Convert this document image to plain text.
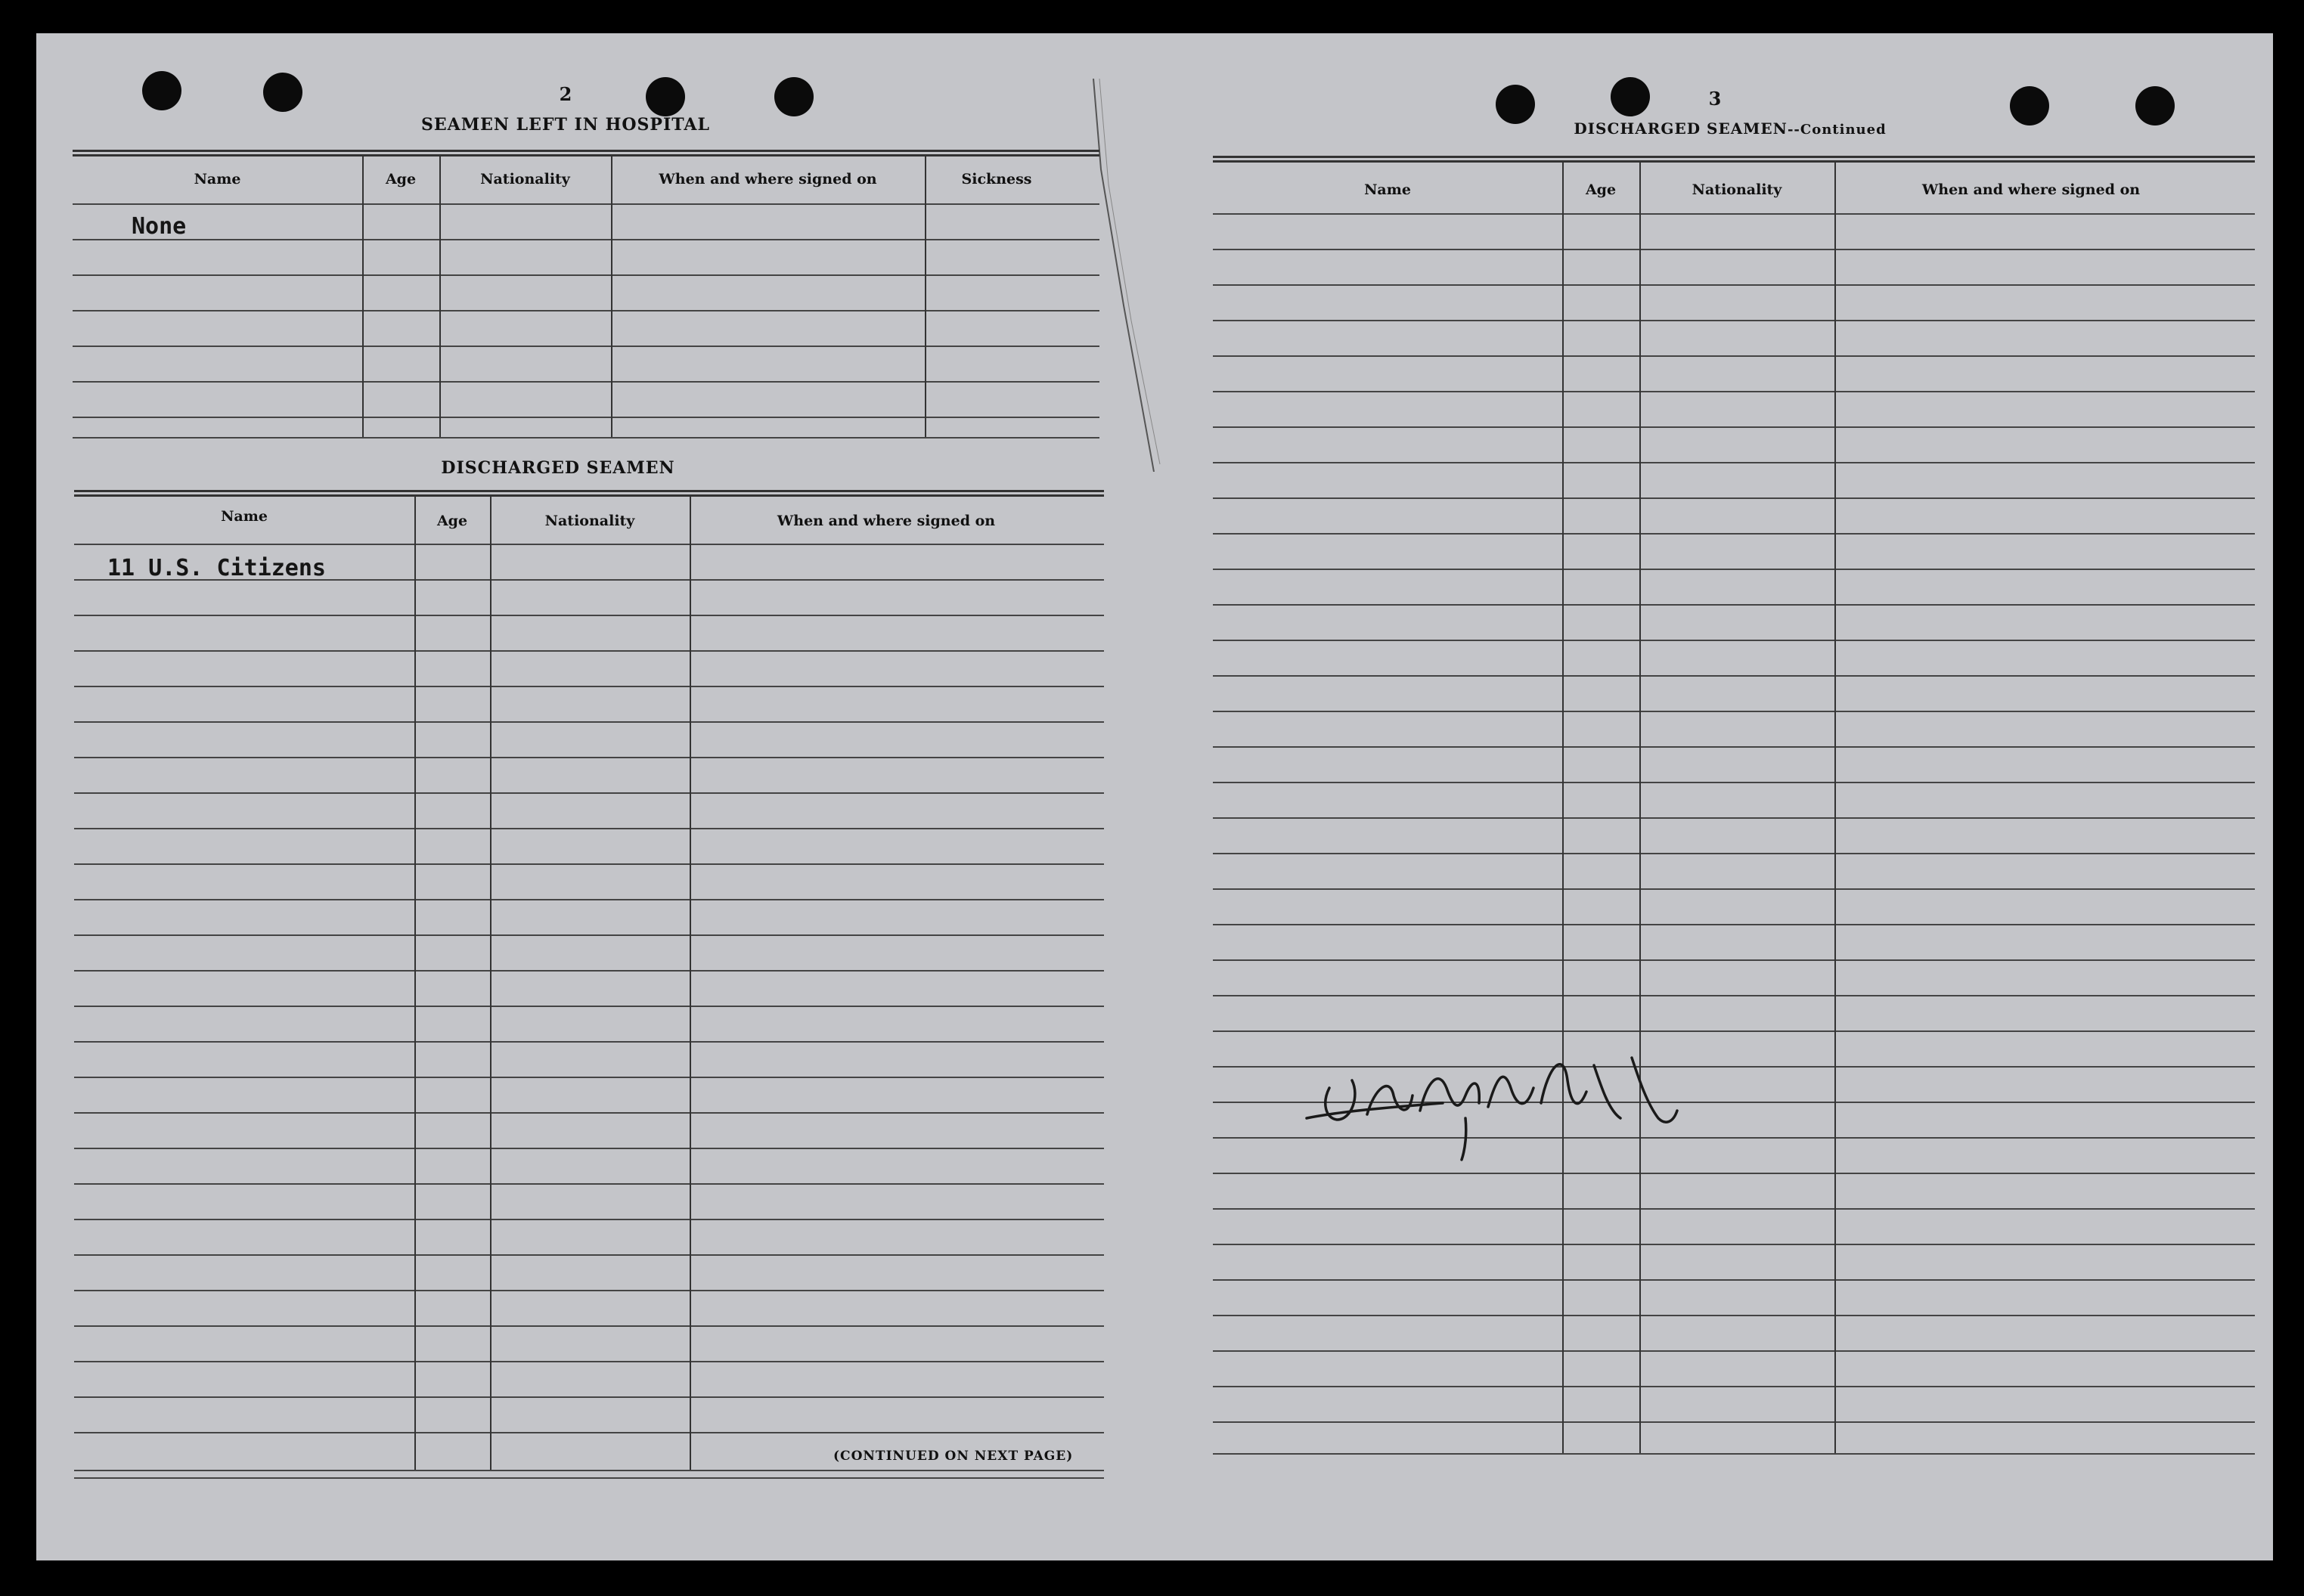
2
SEAMEN LEFT IN HOSPITAL
Name	Age	Nationality	When and where signed on	Sickness
None
DISCHARGED SEAMEN
Name	Age	Nationality	When and where signed on
11 U.S. Citizens
(CONTINUED ON NEXT PAGE)
3
DISCHARGED SEAMEN--Continued
Name	Age	Nationality	When and where signed on
